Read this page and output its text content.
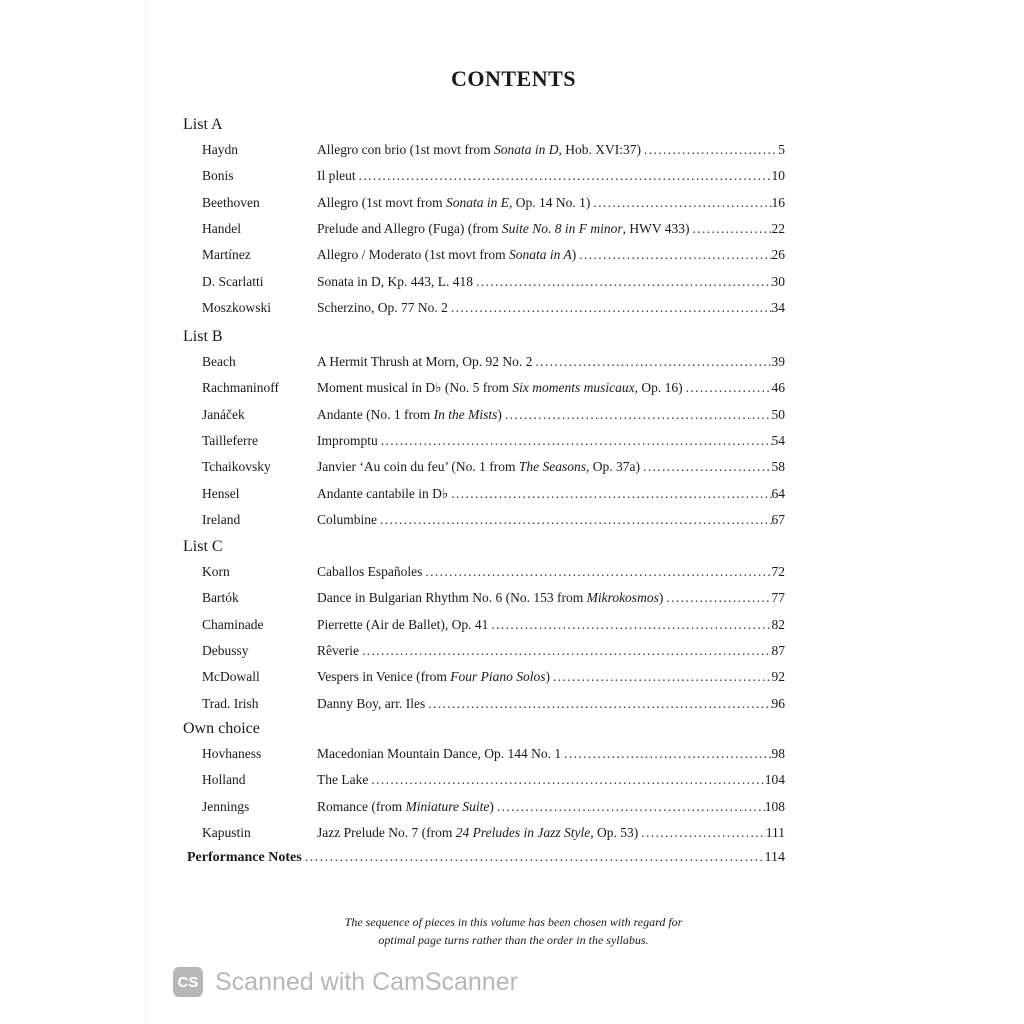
CONTENTS
List A
Haydn	Allegro con brio (1st movt from Sonata in D, Hob. XVI:37) . . .	5
Bonis	Il pleut . . .	10
Beethoven	Allegro (1st movt from Sonata in E, Op. 14 No. 1) . . .	16
Handel	Prelude and Allegro (Fuga) (from Suite No. 8 in F minor, HWV 433) . . .	22
Martínez	Allegro / Moderato (1st movt from Sonata in A) . . .	26
D. Scarlatti	Sonata in D, Kp. 443, L. 418 . . .	30
Moszkowski	Scherzino, Op. 77 No. 2 . . .	34
List B
Beach	A Hermit Thrush at Morn, Op. 92 No. 2 . . .	39
Rachmaninoff	Moment musical in D♭ (No. 5 from Six moments musicaux, Op. 16) . . .	46
Janáček	Andante (No. 1 from In the Mists) . . .	50
Tailleferre	Impromptu . . .	54
Tchaikovsky	Janvier ‘Au coin du feu’ (No. 1 from The Seasons, Op. 37a) . . .	58
Hensel	Andante cantabile in D♭ . . .	64
Ireland	Columbine . . .	67
List C
Korn	Caballos Españoles . . .	72
Bartók	Dance in Bulgarian Rhythm No. 6 (No. 153 from Mikrokosmos) . . .	77
Chaminade	Pierrette (Air de Ballet), Op. 41 . . .	82
Debussy	Rêverie . . .	87
McDowall	Vespers in Venice (from Four Piano Solos) . . .	92
Trad. Irish	Danny Boy, arr. Iles . . .	96
Own choice
Hovhaness	Macedonian Mountain Dance, Op. 144 No. 1 . . .	98
Holland	The Lake . . .	104
Jennings	Romance (from Miniature Suite) . . .	108
Kapustin	Jazz Prelude No. 7 (from 24 Preludes in Jazz Style, Op. 53) . . .	111
Performance Notes . . .	114
The sequence of pieces in this volume has been chosen with regard for
optimal page turns rather than the order in the syllabus.
CS Scanned with CamScanner
